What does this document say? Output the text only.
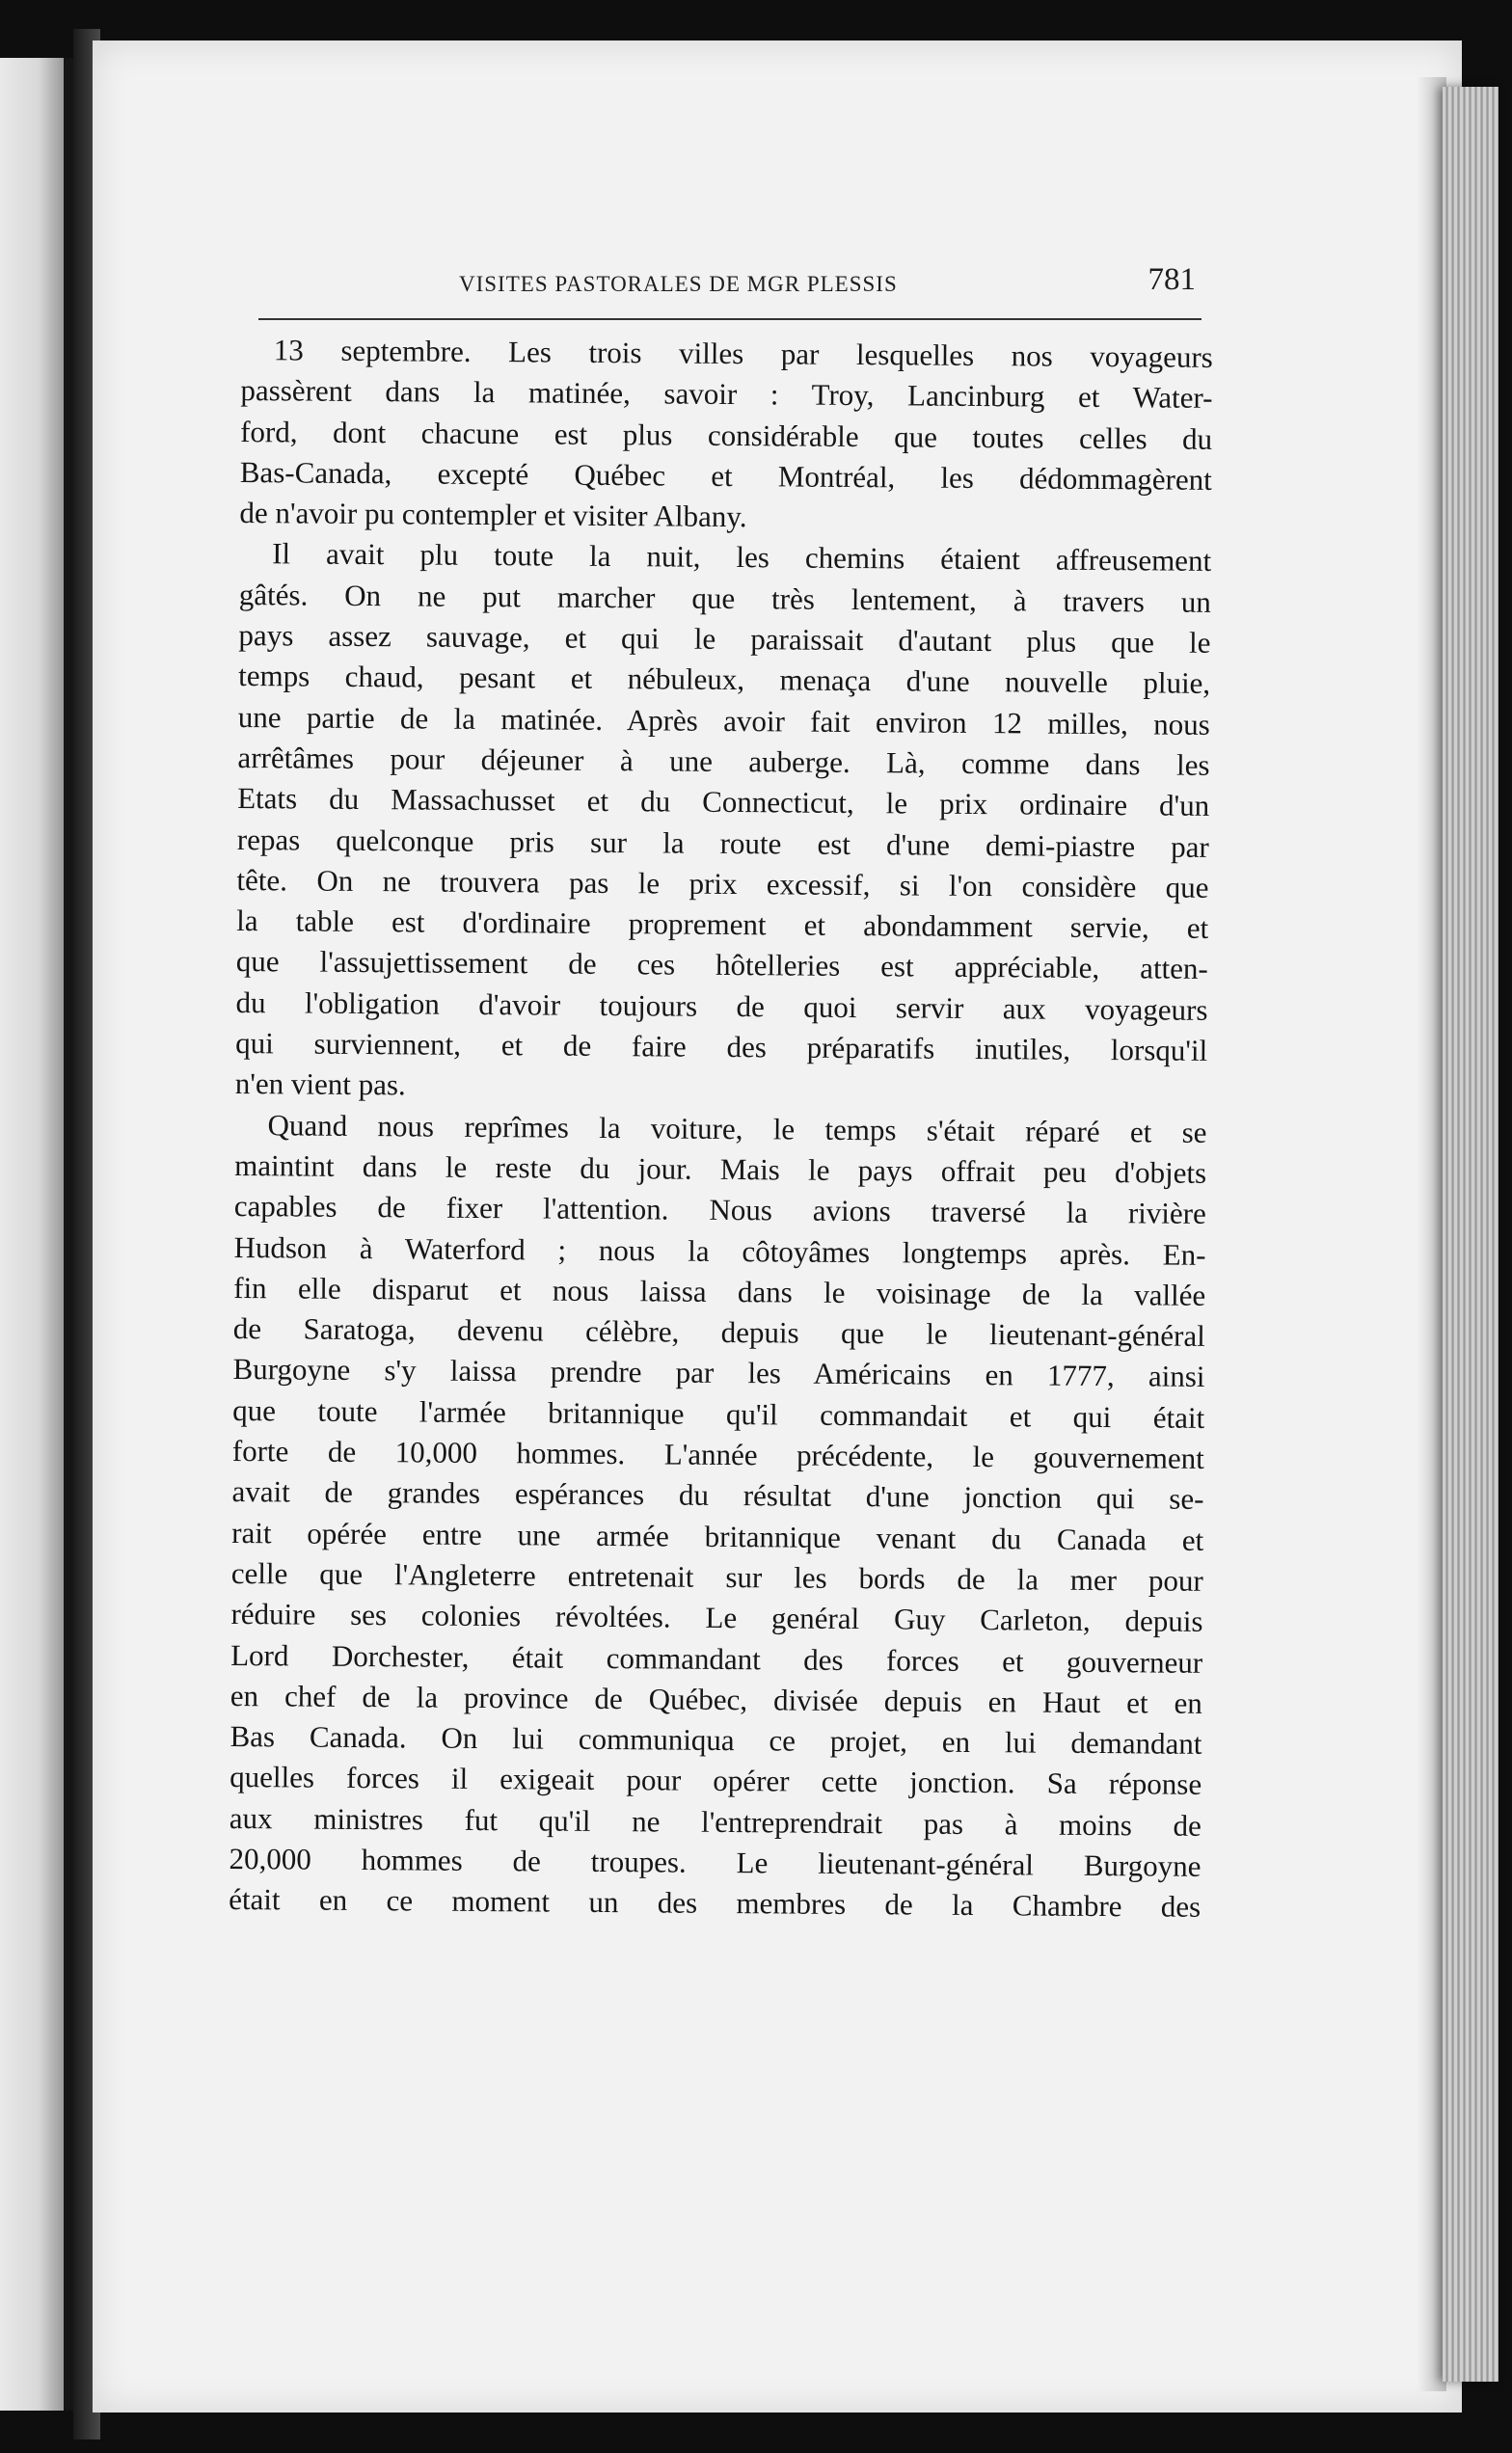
VISITES PASTORALES DE MGR PLESSIS	781
13 septembre. Les trois villes par lesquelles nos voyageurs
passèrent dans la matinée, savoir : Troy, Lancinburg et Water-
ford, dont chacune est plus considérable que toutes celles du
Bas-Canada, excepté Québec et Montréal, les dédommagèrent
de n'avoir pu contempler et visiter Albany.
Il avait plu toute la nuit, les chemins étaient affreusement
gâtés. On ne put marcher que très lentement, à travers un
pays assez sauvage, et qui le paraissait d'autant plus que le
temps chaud, pesant et nébuleux, menaça d'une nouvelle pluie,
une partie de la matinée. Après avoir fait environ 12 milles, nous
arrêtâmes pour déjeuner à une auberge. Là, comme dans les
Etats du Massachusset et du Connecticut, le prix ordinaire d'un
repas quelconque pris sur la route est d'une demi-piastre par
tête. On ne trouvera pas le prix excessif, si l'on considère que
la table est d'ordinaire proprement et abondamment servie, et
que l'assujettissement de ces hôtelleries est appréciable, atten-
du l'obligation d'avoir toujours de quoi servir aux voyageurs
qui surviennent, et de faire des préparatifs inutiles, lorsqu'il
n'en vient pas.
Quand nous reprîmes la voiture, le temps s'était réparé et se
maintint dans le reste du jour. Mais le pays offrait peu d'objets
capables de fixer l'attention. Nous avions traversé la rivière
Hudson à Waterford ; nous la côtoyâmes longtemps après. En-
fin elle disparut et nous laissa dans le voisinage de la vallée
de Saratoga, devenu célèbre, depuis que le lieutenant-général
Burgoyne s'y laissa prendre par les Américains en 1777, ainsi
que toute l'armée britannique qu'il commandait et qui était
forte de 10,000 hommes. L'année précédente, le gouvernement
avait de grandes espérances du résultat d'une jonction qui se-
rait opérée entre une armée britannique venant du Canada et
celle que l'Angleterre entretenait sur les bords de la mer pour
réduire ses colonies révoltées. Le genéral Guy Carleton, depuis
Lord Dorchester, était commandant des forces et gouverneur
en chef de la province de Québec, divisée depuis en Haut et en
Bas Canada. On lui communiqua ce projet, en lui demandant
quelles forces il exigeait pour opérer cette jonction. Sa réponse
aux ministres fut qu'il ne l'entreprendrait pas à moins de
20,000 hommes de troupes. Le lieutenant-général Burgoyne
était en ce moment un des membres de la Chambre des
